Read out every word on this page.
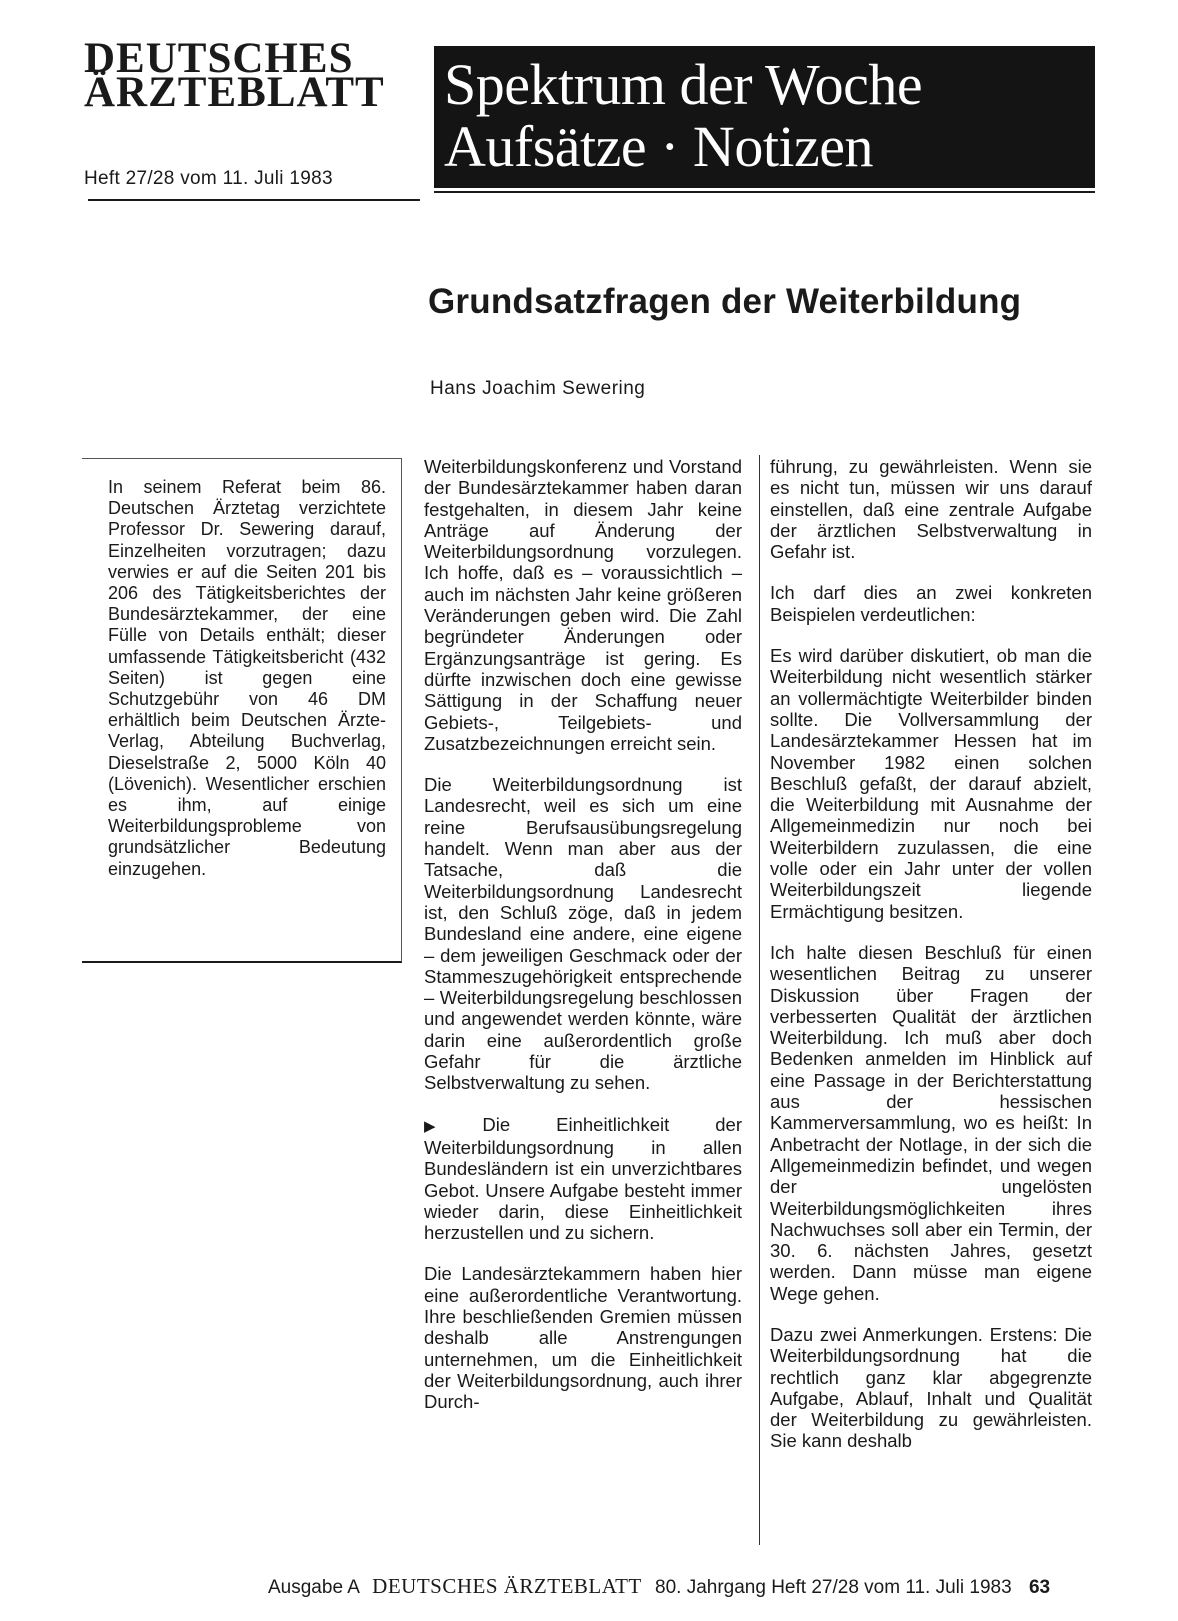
DEUTSCHES
ÄRZTEBLATT
Heft 27/28 vom 11. Juli 1983
Spektrum der Woche
Aufsätze · Notizen
Grundsatzfragen der Weiterbildung
Hans Joachim Sewering

In seinem Referat beim 86. Deutschen Ärztetag verzichtete Professor Dr. Sewering darauf, Einzelheiten vorzutragen; dazu verwies er auf die Seiten 201 bis 206 des Tätigkeitsberichtes der Bundesärztekammer, der eine Fülle von Details enthält; dieser umfassende Tätigkeitsbericht (432 Seiten) ist gegen eine Schutzgebühr von 46 DM erhältlich beim Deutschen Ärzte-Verlag, Abteilung Buchverlag, Dieselstraße 2, 5000 Köln 40 (Lövenich). Wesentlicher erschien es ihm, auf einige Weiterbildungsprobleme von grundsätzlicher Bedeutung einzugehen.

Weiterbildungskonferenz und Vorstand der Bundesärztekammer haben daran festgehalten, in diesem Jahr keine Anträge auf Änderung der Weiterbildungsordnung vorzulegen. Ich hoffe, daß es – voraussichtlich – auch im nächsten Jahr keine größeren Veränderungen geben wird. Die Zahl begründeter Änderungen oder Ergänzungsanträge ist gering. Es dürfte inzwischen doch eine gewisse Sättigung in der Schaffung neuer Gebiets-, Teilgebiets- und Zusatzbezeichnungen erreicht sein.

Die Weiterbildungsordnung ist Landesrecht, weil es sich um eine reine Berufsausübungsregelung handelt. Wenn man aber aus der Tatsache, daß die Weiterbildungsordnung Landesrecht ist, den Schluß zöge, daß in jedem Bundesland eine andere, eine eigene – dem jeweiligen Geschmack oder der Stammeszugehörigkeit entsprechende – Weiterbildungsregelung beschlossen und angewendet werden könnte, wäre darin eine außerordentlich große Gefahr für die ärztliche Selbstverwaltung zu sehen.

▶ Die Einheitlichkeit der Weiterbildungsordnung in allen Bundesländern ist ein unverzichtbares Gebot. Unsere Aufgabe besteht immer wieder darin, diese Einheitlichkeit herzustellen und zu sichern.

Die Landesärztekammern haben hier eine außerordentliche Verantwortung. Ihre beschließenden Gremien müssen deshalb alle Anstrengungen unternehmen, um die Einheitlichkeit der Weiterbildungsordnung, auch ihrer Durch-

führung, zu gewährleisten. Wenn sie es nicht tun, müssen wir uns darauf einstellen, daß eine zentrale Aufgabe der ärztlichen Selbstverwaltung in Gefahr ist.

Ich darf dies an zwei konkreten Beispielen verdeutlichen:

Es wird darüber diskutiert, ob man die Weiterbildung nicht wesentlich stärker an vollermächtigte Weiterbilder binden sollte. Die Vollversammlung der Landesärztekammer Hessen hat im November 1982 einen solchen Beschluß gefaßt, der darauf abzielt, die Weiterbildung mit Ausnahme der Allgemeinmedizin nur noch bei Weiterbildern zuzulassen, die eine volle oder ein Jahr unter der vollen Weiterbildungszeit liegende Ermächtigung besitzen.

Ich halte diesen Beschluß für einen wesentlichen Beitrag zu unserer Diskussion über Fragen der verbesserten Qualität der ärztlichen Weiterbildung. Ich muß aber doch Bedenken anmelden im Hinblick auf eine Passage in der Berichterstattung aus der hessischen Kammerversammlung, wo es heißt: In Anbetracht der Notlage, in der sich die Allgemeinmedizin befindet, und wegen der ungelösten Weiterbildungsmöglichkeiten ihres Nachwuchses soll aber ein Termin, der 30. 6. nächsten Jahres, gesetzt werden. Dann müsse man eigene Wege gehen.

Dazu zwei Anmerkungen. Erstens: Die Weiterbildungsordnung hat die rechtlich ganz klar abgegrenzte Aufgabe, Ablauf, Inhalt und Qualität der Weiterbildung zu gewährleisten. Sie kann deshalb

Ausgabe A DEUTSCHES ÄRZTEBLATT 80. Jahrgang Heft 27/28 vom 11. Juli 1983 63
